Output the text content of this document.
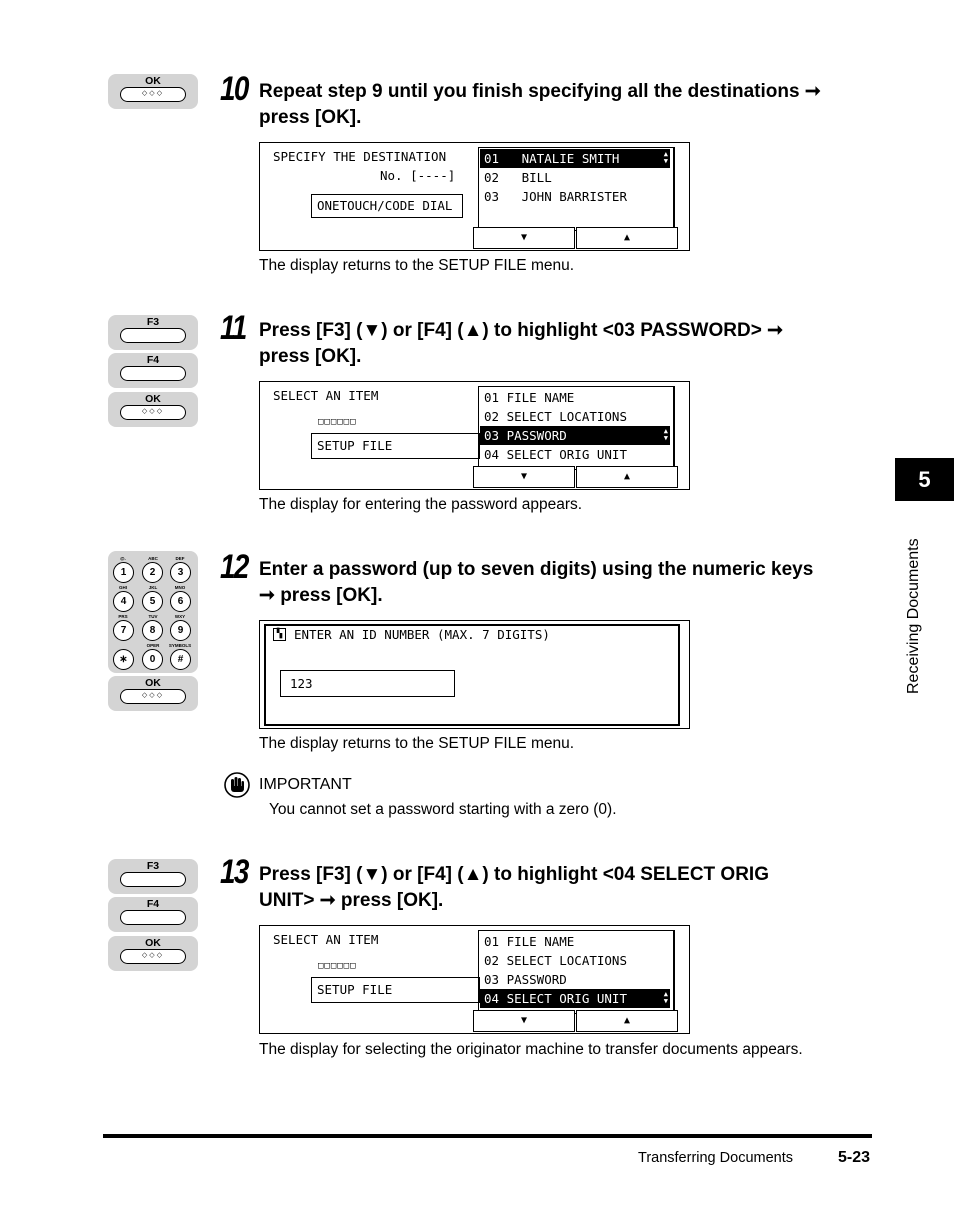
OK
◇◇◇	10 Repeat step 9 until you finish specifying all the destinations ➞
press [OK].
SPECIFY THE DESTINATION
No. [----]
ONETOUCH/CODE DIAL
01   NATALIE SMITH	▲
▼
02   BILL
03   JOHN BARRISTER
▼	▲
The display returns to the SETUP FILE menu.
F3
F4
OK
◇◇◇
11 Press [F3] (▼) or [F4] (▲) to highlight <03 PASSWORD> ➞
press [OK].
SELECT AN ITEM
□□□□□□
SETUP FILE
01 FILE NAME
02 SELECT LOCATIONS
03 PASSWORD	▲
▼
04 SELECT ORIG UNIT
▼	▲
The display for entering the password appears.
@.	ABC	DEF
1	2	3
GHI	JKL	MNO
4	5	6
PRS	TUV	WXY
7	8	9
OPER	SYMBOLS
∗	0	#
OK
◇◇◇
12 Enter a password (up to seven digits) using the numeric keys
➞ press [OK].
▚ ENTER AN ID NUMBER (MAX. 7 DIGITS)
123
The display returns to the SETUP FILE menu.
IMPORTANT
You cannot set a password starting with a zero (0).
F3
F4
OK
◇◇◇
13 Press [F3] (▼) or [F4] (▲) to highlight <04 SELECT ORIG
UNIT> ➞ press [OK].
SELECT AN ITEM
□□□□□□
SETUP FILE
01 FILE NAME
02 SELECT LOCATIONS
03 PASSWORD
04 SELECT ORIG UNIT	▲
▼
▼	▲
The display for selecting the originator machine to transfer documents appears.
5
Receiving Documents
Transferring Documents	5-23
